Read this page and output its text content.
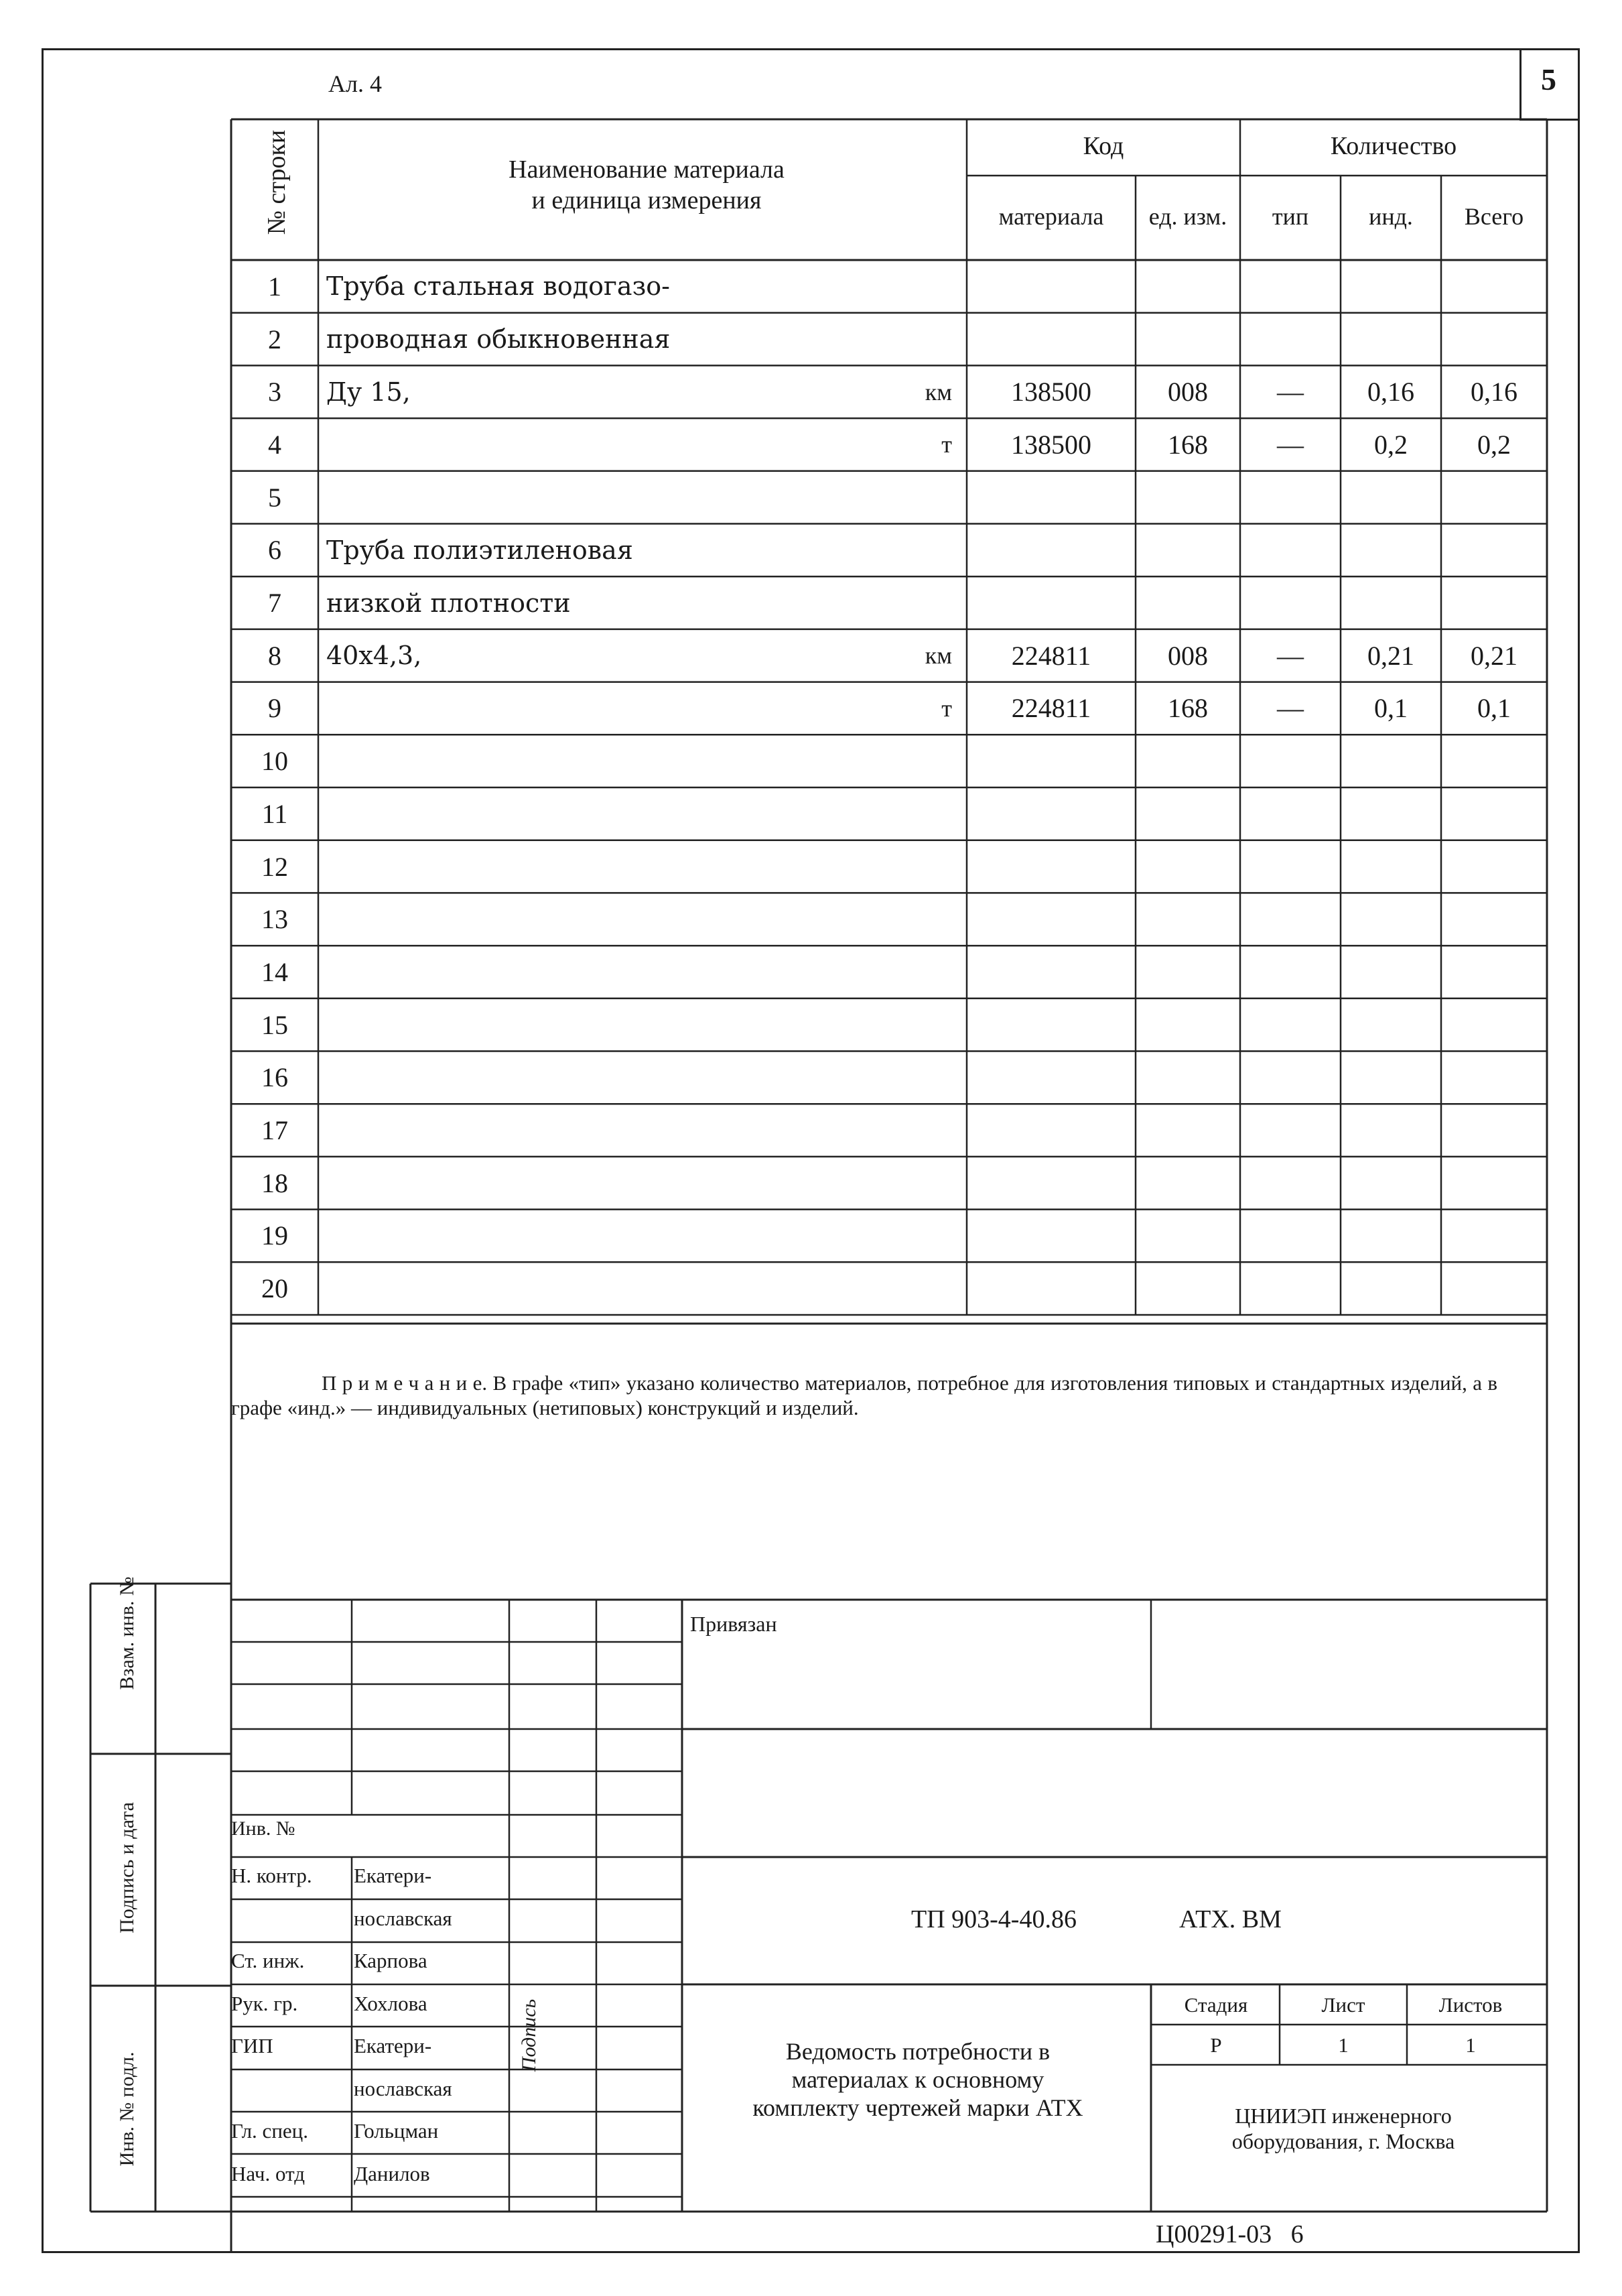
5
Ал. 4
№ строки	Наименование материала
и единица измерения
Код
материала	ед. изм.
Количество
тип	инд.	Всего
1	Труба стальная водогазо-
2	проводная обыкновенная
3	Ду 15,	км	138500	008	—	0,16	0,16
4	т	138500	168	—	0,2	0,2
5
6	Труба полиэтиленовая
7	низкой плотности
8	40x4,3,	км	224811	008	—	0,21	0,21
9	т	224811	168	—	0,1	0,1
10
11
12
13
14
15
16
17
18
19
20
П р и м е ч а н и е. В графе «тип» указано количество материалов, потребное для изготовления типовых и стандартных изделий, а в графе «инд.» — индивидуальных (нетиповых) конструкций и изделий.
Взам. инв. №
Подпись и дата
Инв. № подл.
Привязан
Инв. №
Н. контр. Екатери-
нославская
Ст. инж. Карпова
Рук. гр.	Хохлова
ГИП	Екатери-
нославская
Гл. спец. Гольцман
Нач. отд Данилов
Подпись
ТП 903-4-40.86	АТХ. ВМ
Ведомость потребности в
материалах к основному
комплекту чертежей марки АТХ
Стадия	Лист	Листов
Р	1	1
ЦНИИЭП инженерного
оборудования, г. Москва
Ц00291-03   6
